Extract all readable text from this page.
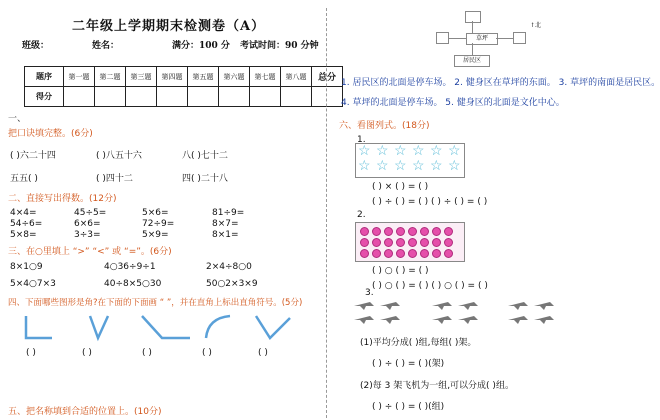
二年级上学期期末检测卷（A）
班级：	姓名：	满分：100 分 考试时间：90 分钟
题序	第一题	第二题	第三题	第四题	第五题	第六题	第七题	第八题	总分
得分									
一、
把口诀填完整。(6分)
( )六二十四	( )八五十六	八( )七十二
五五( )	( )四十二	四( )二十八
二、直接写出得数。(12分)
4×4=	45÷5=	5×6=	81÷9=
54÷6=	6×6=	72÷9=	8×7=
5×8=	3÷3=	5×9=	8×1=
三、在○里填上 “>” “<” 或 “=”。(6分)
8×1○9	4○36÷9÷1	2×4÷8○0
5×4○7×3	40÷8×5○30	50○2×3×9
四、下面哪些图形是角?在下面的下面画 “ ”，并在直角上标出直角符号。(5分)
( )	( )	( )	( )	( )
五、把名称填到合适的位置上。(10分)
草坪
居民区
↑北
1. 居民区的北面是停车场。 2. 健身区在草坪的东面。 3. 草坪的南面是居民区。
4. 草坪的北面是停车场。 5. 健身区的北面是文化中心。
六、看图列式。(18分)
1.
☆ ☆ ☆ ☆ ☆ ☆
☆ ☆ ☆ ☆ ☆ ☆
( ) × ( ) = ( )
( ) ÷ ( ) = ( ) ( ) ÷ ( ) = ( )
2.
( ) ○ ( ) = ( )
( ) ○ ( ) = ( ) ( ) ○ ( ) = ( )
3.
(1)平均分成( )组,每组( )架。
( ) ÷ ( ) = ( )(架)
(2)每 3 架飞机为一组,可以分成( )组。
( ) ÷ ( ) = ( )(组)
